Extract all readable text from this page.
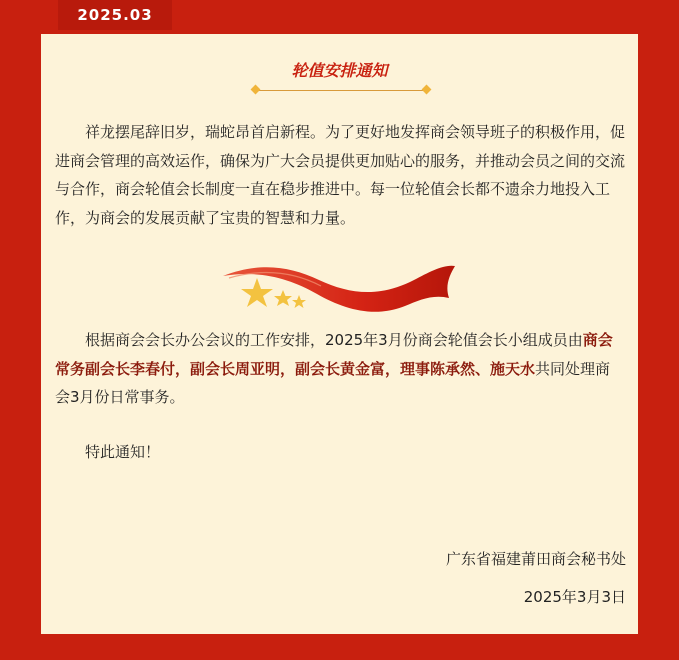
2025.03
轮值安排通知

祥龙摆尾辞旧岁，瑞蛇昂首启新程。为了更好地发挥商会领导班子的积极作用，促进商会管理的高效运作，确保为广大会员提供更加贴心的服务，并推动会员之间的交流与合作，商会轮值会长制度一直在稳步推进中。每一位轮值会长都不遗余力地投入工作，为商会的发展贡献了宝贵的智慧和力量。

根据商会会长办公会议的工作安排，2025年3月份商会轮值会长小组成员由商会常务副会长李春付，副会长周亚明，副会长黄金富，理事陈承然、施天水共同处理商会3月份日常事务。

特此通知！

广东省福建莆田商会秘书处
2025年3月3日
